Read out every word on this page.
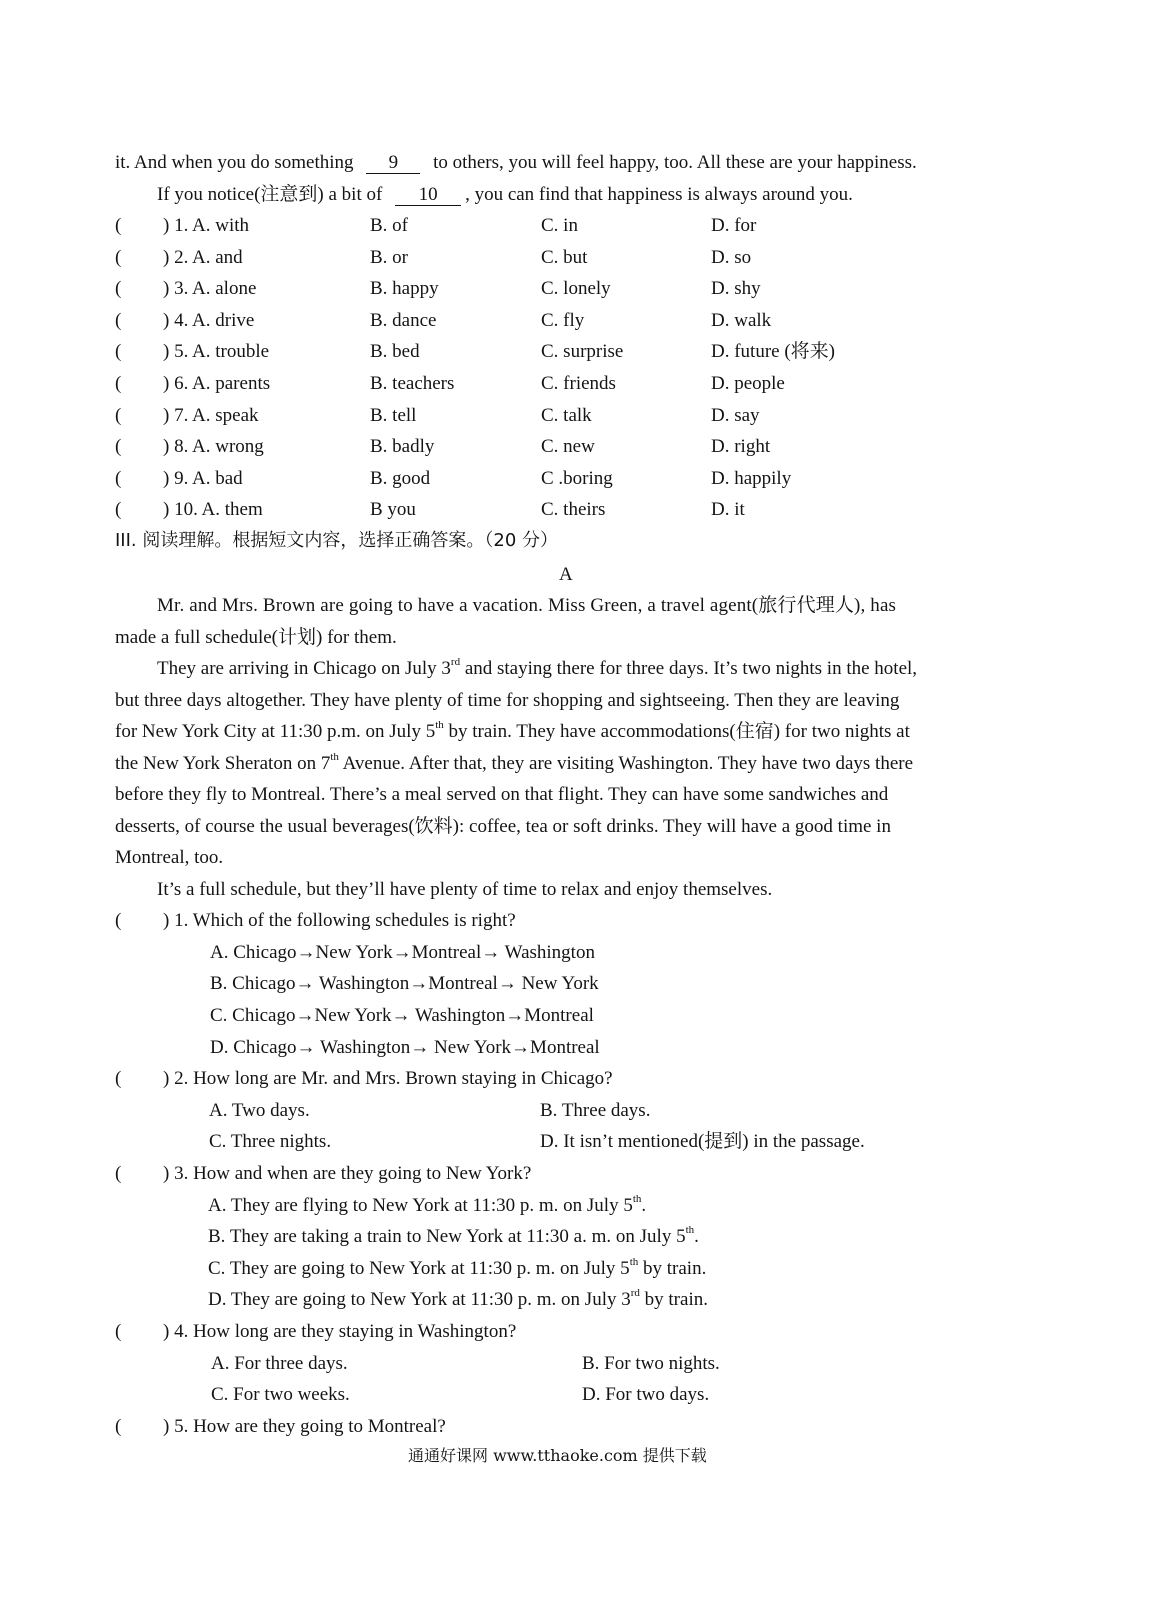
it. And when you do something 9 to others, you will feel happy, too. All these are your happiness.
If you notice(注意到) a bit of 10 , you can find that happiness is always around you.
( ) 1. A. with	B. of	C. in	D. for
( ) 2. A. and	B. or	C. but	D. so
( ) 3. A. alone	B. happy	C. lonely	D. shy
( ) 4. A. drive	B. dance	C. fly	D. walk
( ) 5. A. trouble	B. bed	C. surprise	D. future (将来)
( ) 6. A. parents	B. teachers	C. friends	D. people
( ) 7. A. speak	B. tell	C. talk	D. say
( ) 8. A. wrong	B. badly	C. new	D. right
( ) 9. A. bad	B. good	C .boring	D. happily
( ) 10. A. them	B you	C. theirs	D. it
III. 阅读理解。根据短文内容，选择正确答案。（20 分）
A
Mr. and Mrs. Brown are going to have a vacation. Miss Green, a travel agent(旅行代理人), has
made a full schedule(计划) for them.
They are arriving in Chicago on July 3rd and staying there for three days. It’s two nights in the hotel,
but three days altogether. They have plenty of time for shopping and sightseeing. Then they are leaving
for New York City at 11:30 p.m. on July 5th by train. They have accommodations(住宿) for two nights at
the New York Sheraton on 7th Avenue. After that, they are visiting Washington. They have two days there
before they fly to Montreal. There’s a meal served on that flight. They can have some sandwiches and
desserts, of course the usual beverages(饮料): coffee, tea or soft drinks. They will have a good time in
Montreal, too.
It’s a full schedule, but they’ll have plenty of time to relax and enjoy themselves.
( ) 1. Which of the following schedules is right?
A. Chicago→New York→Montreal→ Washington
B. Chicago→ Washington→Montreal→ New York
C. Chicago→New York→ Washington→Montreal
D. Chicago→ Washington→ New York→Montreal
( ) 2. How long are Mr. and Mrs. Brown staying in Chicago?
A. Two days.	B. Three days.
C. Three nights.	D. It isn’t mentioned(提到) in the passage.
( ) 3. How and when are they going to New York?
A. They are flying to New York at 11:30 p. m. on July 5th.
B. They are taking a train to New York at 11:30 a. m. on July 5th.
C. They are going to New York at 11:30 p. m. on July 5th by train.
D. They are going to New York at 11:30 p. m. on July 3rd by train.
( ) 4. How long are they staying in Washington?
A. For three days.	B. For two nights.
C. For two weeks.	D. For two days.
( ) 5. How are they going to Montreal?
通通好课网 www.tthaoke.com 提供下载
